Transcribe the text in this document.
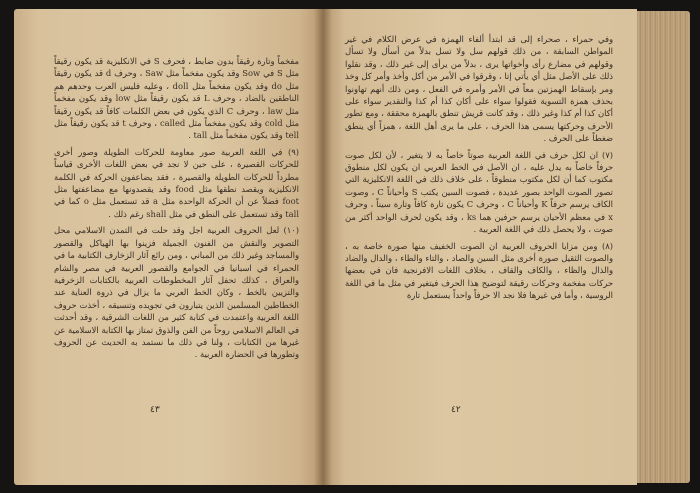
مفخماً وتارة رقيقاً بدون ضابط ، فحرف S في الانكليزية قد يكون رقيقاً مثل S في Sow وقد يكون مفخماً مثل Saw ، وحرف d قد يكون رقيقاً مثل do وقد يكون مفخماً مثل doll ، وعليه فليس العرب وحدهم هم الناطقين بالضاد ، وحرف L قد يكون رقيقاً مثل low وقد يكون مفخماً مثل law ، وحرف C الذي يكون في بعض الكلمات كافاً قد يكون رقيقاً مثل cold وقد يكون مفخماً مثل called ، وحرف t قد يكون رقيقاً مثل tell وقد يكون مفخماً مثل tall .

(٩) في اللغة العربية صور معاومة للحركات الطويلة وصور أخرى للحركات القصيرة ، على حين لا نجد في بعض اللغات الأخرى قياساً مطرداً للحركات الطويلة والقصيرة ، فقد يضاعفون الحركة في الكلمة الانكليزية ويقصد نطقها مثل food وقد يقصدونها مع مضاعفتها مثل foot فضلاً عن أن الحركة الواحدة مثل a قد تستعمل مثل o كما في tall وقد تستعمل على النطق في مثل shall رغم ذلك .

(١٠) لعل الحروف العربية اجل وقد حلت في التمدن الاسلامي محل التصوير والنقش من الفنون الجميلة فزينوا بها الهياكل والقصور والمساجد وغير ذلك من المباني ، ومن رائع آثار الزخارف الكتابية ما في الحمراء في اسبانيا في الجوامع والقصور العربية في مصر والشام والعراق ، كذلك تحفل آثار المخطوطات العربية بالكتابات الزخرفية والتزيين بالخط ، وكان الخط العربي ما يزال في ذروة العناية عند الخطاطين المسلمين الذين يتبارون في تجويده وتنسيقه ، أخذت حروف اللغة العربية واعتمدت في كتابة كثير من اللغات الشرقية ، وقد أحدثت في العالم الاسلامي روحاً من الفن والذوق تمتاز بها الكتابة الاسلامية عن غيرها من الكتابات ، ولنا في ذلك ما نستمد به الحديث عن الحروف وتطورها في الحضارة العربية .

٤٣

وفي حمراء ، صحراء إلى قد ابتدأ ألفاء الهمزة في عرض الكلام في غير المواطن السابقة ، من ذلك قولهم سل ولا تسل بدلاً من أسأل ولا تسأل وقولهم في مضارع رأى وأخواتها يرى ، بدلاً من يرأى إلى غير ذلك ، وقد نقلوا ذلك على الأصل مثل أي يأتي إتا ، وقرقوا في الأمر من أكل وأخذ وأمر كل وخذ ومر بإسقاط الهمزتين معاً في الأمر وأمره في الفعل ، ومن ذلك أنهم تهاونوا بحذف همزة التسوية فقولوا سواء على أكان كذا أم كذا والتقدير سواء على أكان كذا أم كذا وغير ذلك ، وقد كانت قريش تنطق بالهمزة محققة ، ومع تطور الأحرف وحركتها يسمى هذا الحرف ، على ما يرى أهل اللغة ، همزاً أي ينطق ضغطاً على الحرف .

(٧) ان لكل حرف في اللغة العربية صوتاً خاصاً به لا يتغير ، لأن لكل صوت حرفاً خاصاً به يدل عليه ، ان الأصل في الخط العربي ان يكون لكل منطوق مكتوب كما أن لكل مكتوب منطوقاً ، على خلاف ذلك في اللغة الانكليزية التي تصور الصوت الواحد بصور عديدة ، فصوت السين يكتب S وأحياناً C ، وصوت الكاف يرسم حرفاً K وأحياناً C ، وحرف C يكون تارة كافاً وتارة سيناً ، وحرف x في معظم الأحيان يرسم حرفين هما ks ، وقد يكون لحرف الواحد أكثر من صوت ، ولا يحصل ذلك في اللغة العربية .

(٨) ومن مزايا الحروف العربية ان الصوت الخفيف منها صورة خاصة به ، والصوت الثقيل صورة أخرى مثل السين والصاد ، والتاء والطاء ، والدال والضاد والذال والظاء ، والكاف والقاف ، بخلاف اللغات الافرنجية فان في بعضها حركات مفخمة وحركات رقيقة لتوضيح هذا الحرف فيتغير في مثل ما في اللغة الروسية ، وأما في غيرها فلا نجد الا حرفاً واحداً يستعمل تارة

٤٢
